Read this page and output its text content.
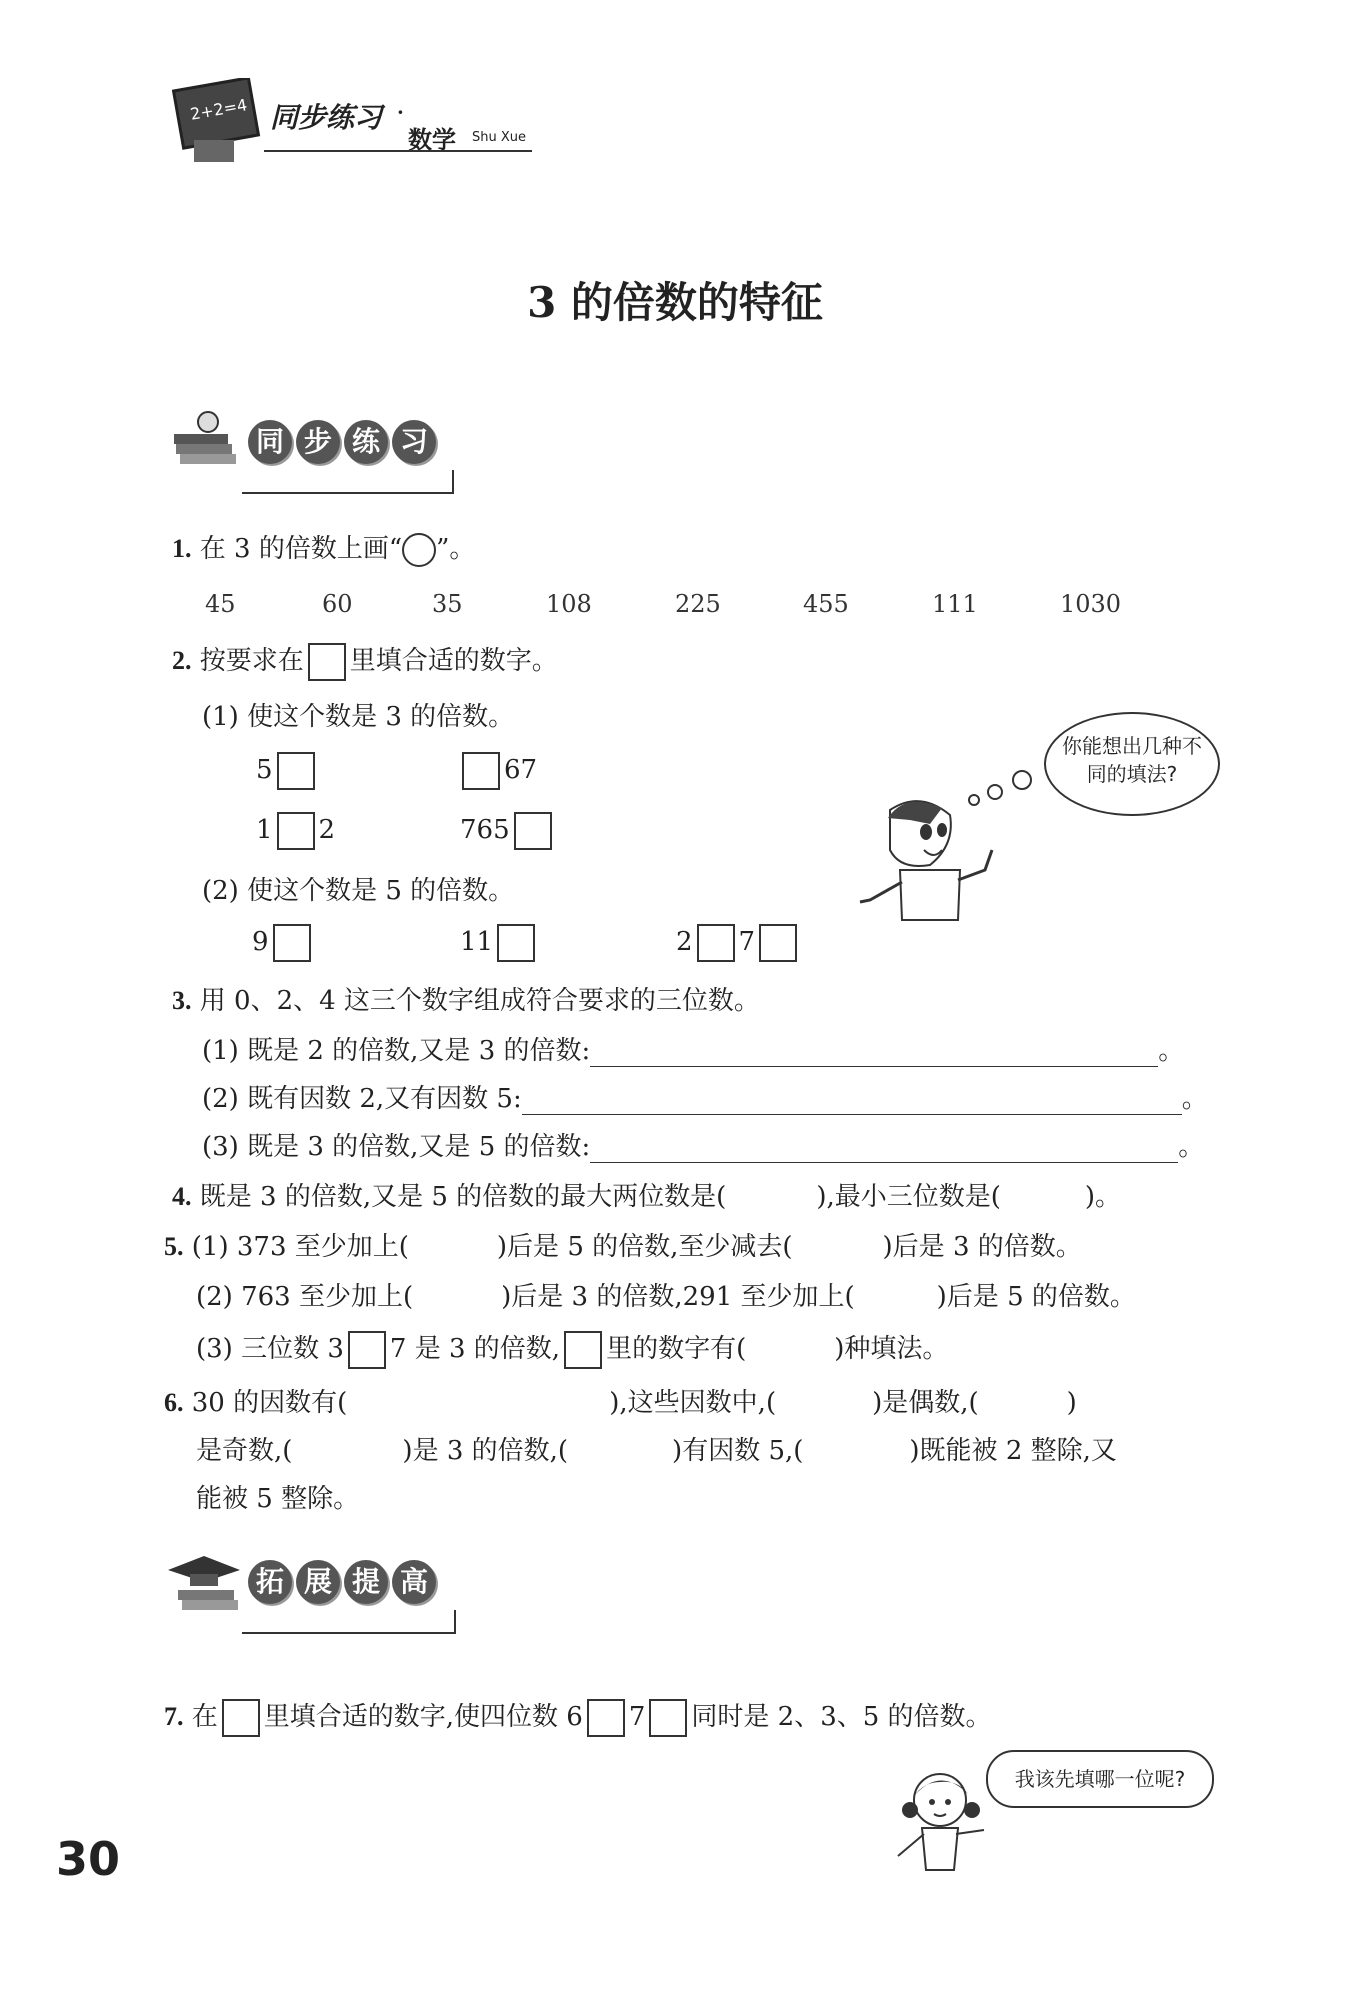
2+2=4 同步练习 ·
数学 Shu Xue
3 的倍数的特征
同 步 练 习
1. 在 3 的倍数上画“ ”。
45	60	35	108	225	455	111	1030
2. 按要求在 里填合适的数字。
(1) 使这个数是 3 的倍数。
5	67
1 2	765
(2) 使这个数是 5 的倍数。
9	11	2 7
你能想出几种不同的填法?
3. 用 0、2、4 这三个数字组成符合要求的三位数。
(1) 既是 2 的倍数,又是 3 的倍数:	。
(2) 既有因数 2,又有因数 5:	。
(3) 既是 3 的倍数,又是 5 的倍数:	。
4. 既是 3 的倍数,又是 5 的倍数的最大两位数是(	),最小三位数是(	)。
5. (1) 373 至少加上(	)后是 5 的倍数,至少减去(	)后是 3 的倍数。
(2) 763 至少加上(	)后是 3 的倍数,291 至少加上(	)后是 5 的倍数。
(3) 三位数 3 7 是 3 的倍数, 里的数字有(	)种填法。
6. 30 的因数有(	),这些因数中,(	)是偶数,(	)
是奇数,(	)是 3 的倍数,(	)有因数 5,(	)既能被 2 整除,又
能被 5 整除。
拓 展 提 高
7. 在 里填合适的数字,使四位数 6 7 同时是 2、3、5 的倍数。
我该先填哪一位呢?
30
